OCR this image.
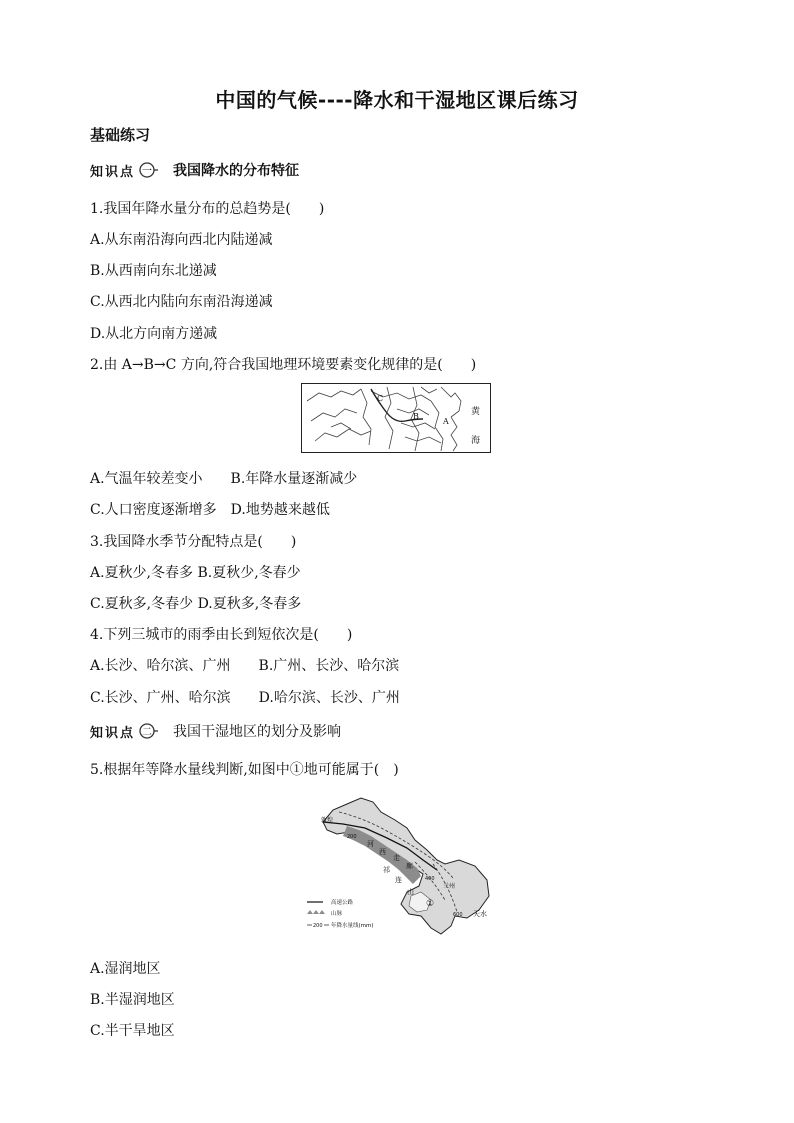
中国的气候----降水和干湿地区课后练习
基础练习
知识点 一 我国降水的分布特征
1.我国年降水量分布的总趋势是(　　)
A.从东南沿海向西北内陆递减
B.从西南向东北递减
C.从西北内陆向东南沿海递减
D.从北方向南方递减
2.由 A→B→C 方向,符合我国地理环境要素变化规律的是(　　)
C
B
A
黄
海
A.气温年较差变小　　B.年降水量逐渐减少
C.人口密度逐渐增多　D.地势越来越低
3.我国降水季节分配特点是(　　)
A.夏秋少,冬春多 B.夏秋少,冬春少
C.夏秋多,冬春少 D.夏秋多,冬春多
4.下列三城市的雨季由长到短依次是(　　)
A.长沙、哈尔滨、广州　　B.广州、长沙、哈尔滨
C.长沙、广州、哈尔滨　　D.哈尔滨、长沙、广州
知识点 二 我国干湿地区的划分及影响
5.根据年等降水量线判断,如图中①地可能属于(　)
敦煌
河
西
走
廊
祁
连
山
兰州
天水
200
400
600
①
高速公路
山脉
200 年降水量线(mm)
A.湿润地区
B.半湿润地区
C.半干旱地区
